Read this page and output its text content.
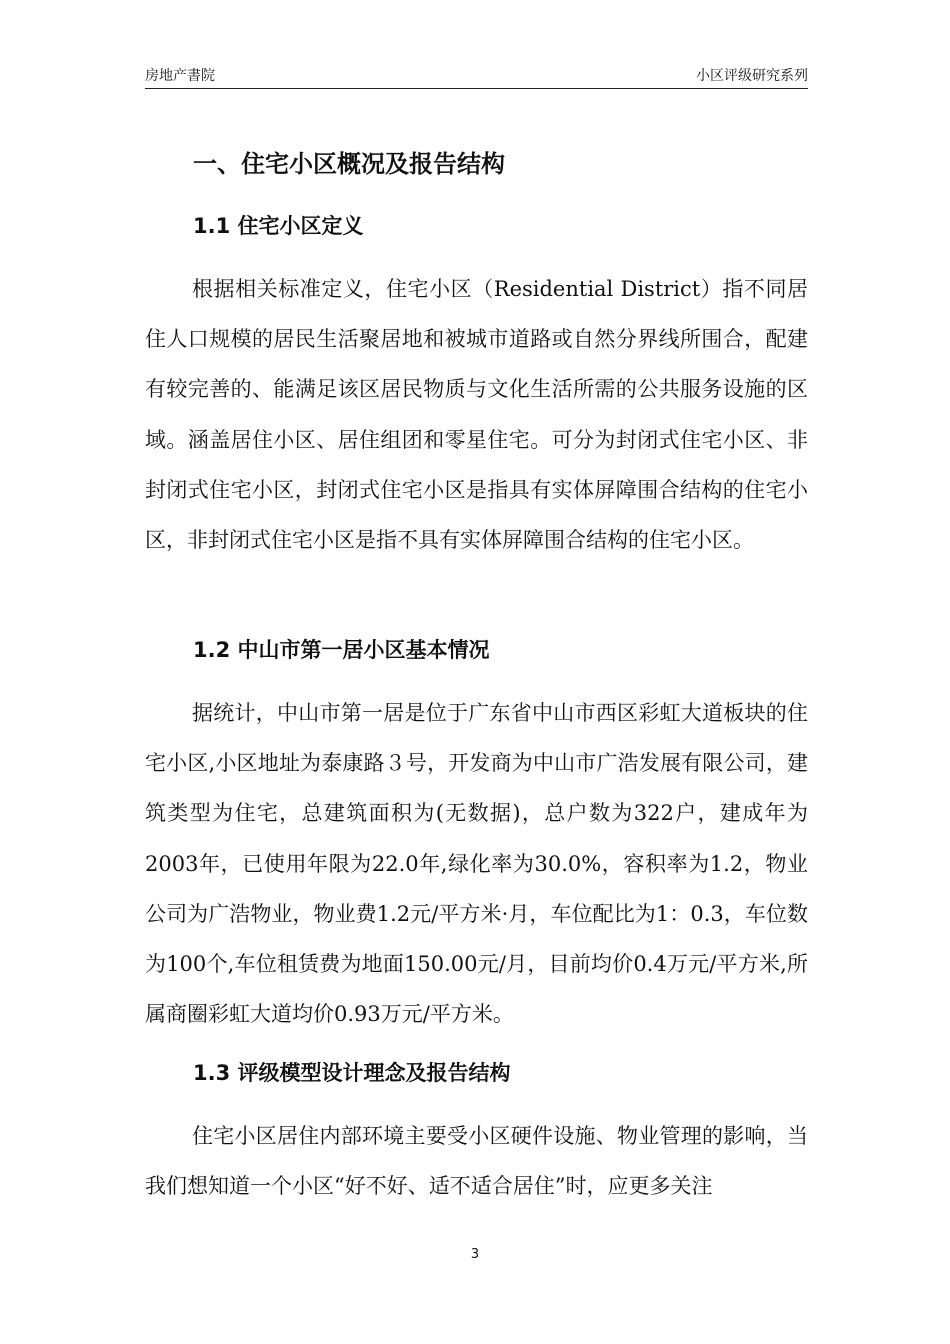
房地产書院	小区评级研究系列
一、住宅小区概况及报告结构
1.1 住宅小区定义

根据相关标准定义，住宅小区（Residential District）指不同居住人口规模的居民生活聚居地和被城市道路或自然分界线所围合，配建有较完善的、能满足该区居民物质与文化生活所需的公共服务设施的区域。涵盖居住小区、居住组团和零星住宅。可分为封闭式住宅小区、非封闭式住宅小区，封闭式住宅小区是指具有实体屏障围合结构的住宅小区，非封闭式住宅小区是指不具有实体屏障围合结构的住宅小区。

1.2 中山市第一居小区基本情况

据统计，中山市第一居是位于广东省中山市西区彩虹大道板块的住宅小区,小区地址为泰康路３号，开发商为中山市广浩发展有限公司，建筑类型为住宅，总建筑面积为(无数据)，总户数为322户，建成年为2003年，已使用年限为22.0年,绿化率为30.0%，容积率为1.2，物业公司为广浩物业，物业费1.2元/平方米·月，车位配比为1：0.3，车位数为100个,车位租赁费为地面150.00元/月，目前均价0.4万元/平方米,所属商圈彩虹大道均价0.93万元/平方米。

1.3 评级模型设计理念及报告结构

住宅小区居住内部环境主要受小区硬件设施、物业管理的影响，当我们想知道一个小区“好不好、适不适合居住”时，应更多关注

3
